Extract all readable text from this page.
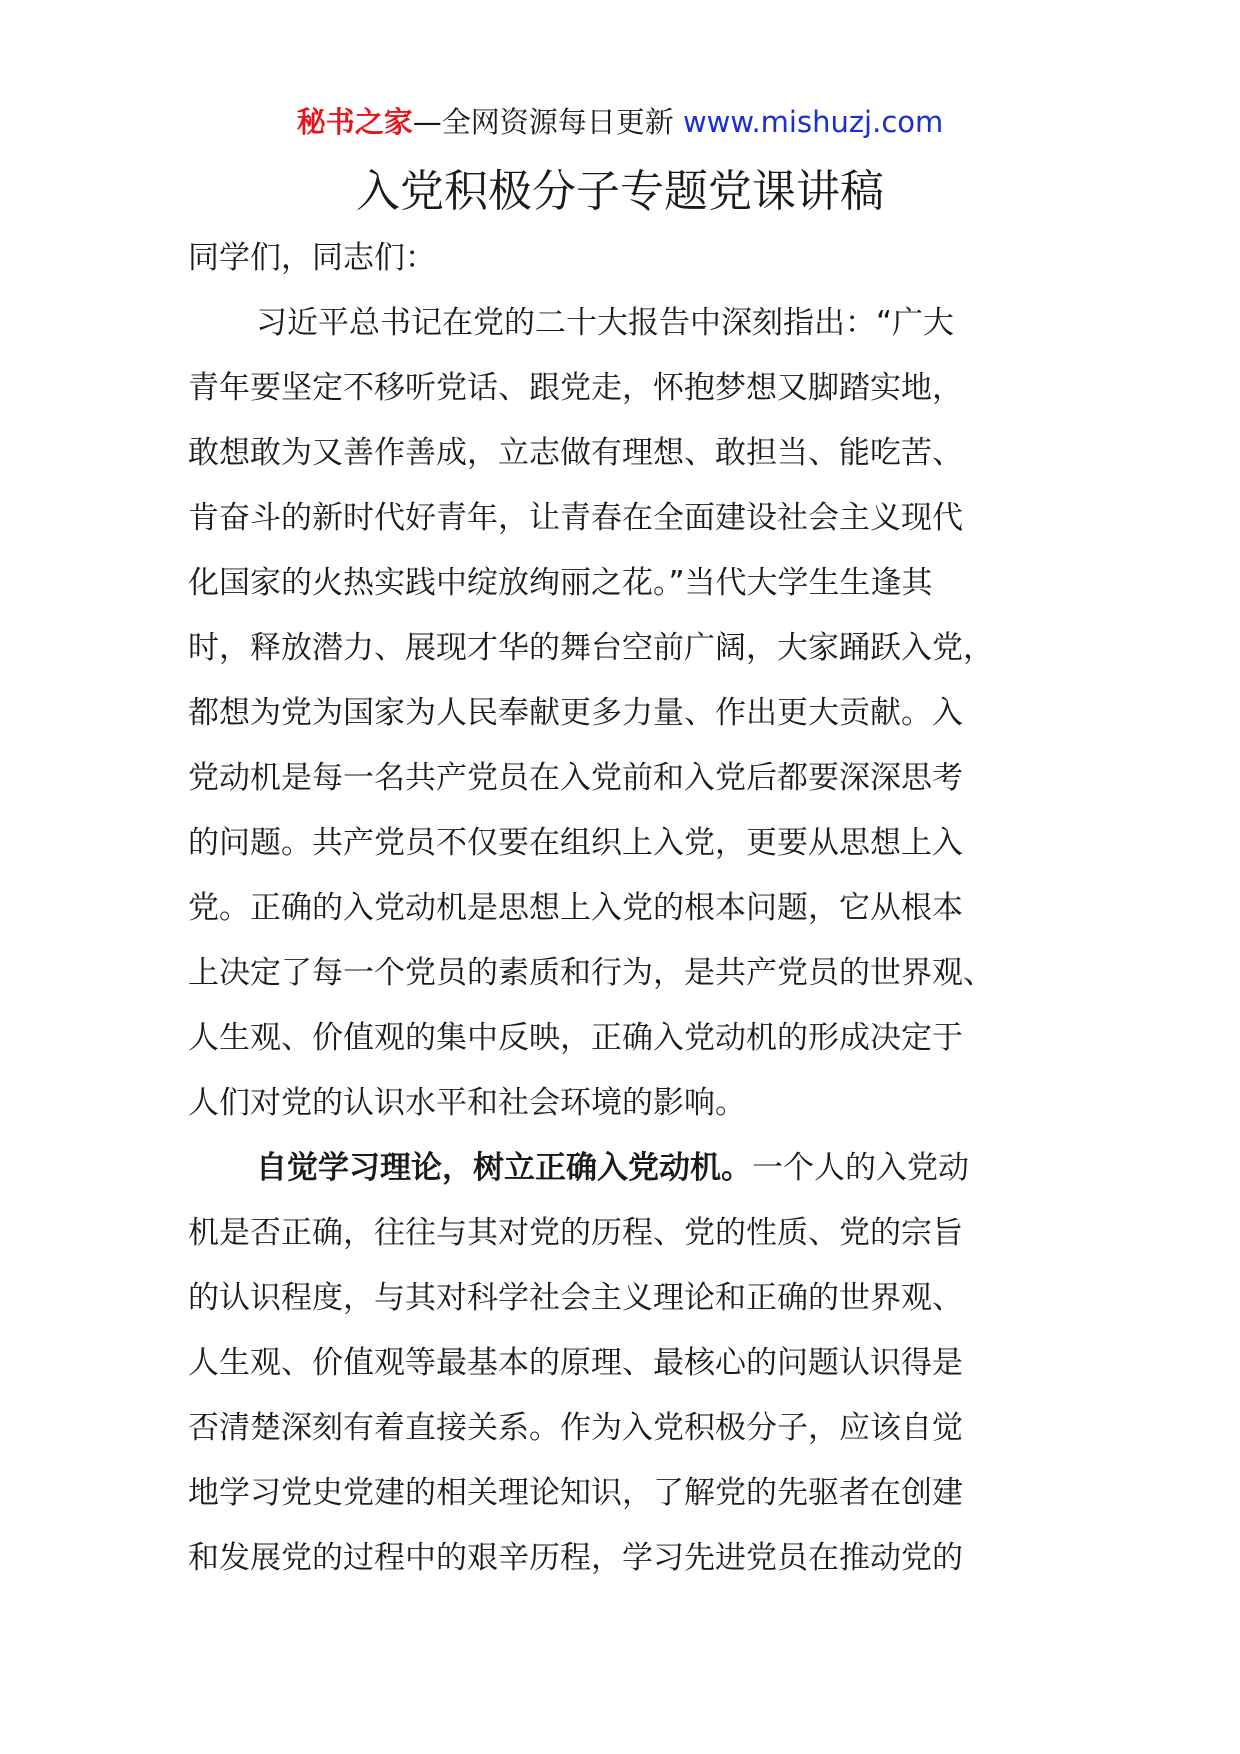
秘书之家—全网资源每日更新 www.mishuzj.com
入党积极分子专题党课讲稿
同学们，同志们：

习近平总书记在党的二十大报告中深刻指出：“广大
青年要坚定不移听党话、跟党走，怀抱梦想又脚踏实地，
敢想敢为又善作善成，立志做有理想、敢担当、能吃苦、
肯奋斗的新时代好青年，让青春在全面建设社会主义现代
化国家的火热实践中绽放绚丽之花。”当代大学生生逢其
时，释放潜力、展现才华的舞台空前广阔，大家踊跃入党，
都想为党为国家为人民奉献更多力量、作出更大贡献。入
党动机是每一名共产党员在入党前和入党后都要深深思考
的问题。共产党员不仅要在组织上入党，更要从思想上入
党。正确的入党动机是思想上入党的根本问题，它从根本
上决定了每一个党员的素质和行为，是共产党员的世界观、
人生观、价值观的集中反映，正确入党动机的形成决定于
人们对党的认识水平和社会环境的影响。

自觉学习理论，树立正确入党动机。一个人的入党动
机是否正确，往往与其对党的历程、党的性质、党的宗旨
的认识程度，与其对科学社会主义理论和正确的世界观、
人生观、价值观等最基本的原理、最核心的问题认识得是
否清楚深刻有着直接关系。作为入党积极分子，应该自觉
地学习党史党建的相关理论知识，了解党的先驱者在创建
和发展党的过程中的艰辛历程，学习先进党员在推动党的
